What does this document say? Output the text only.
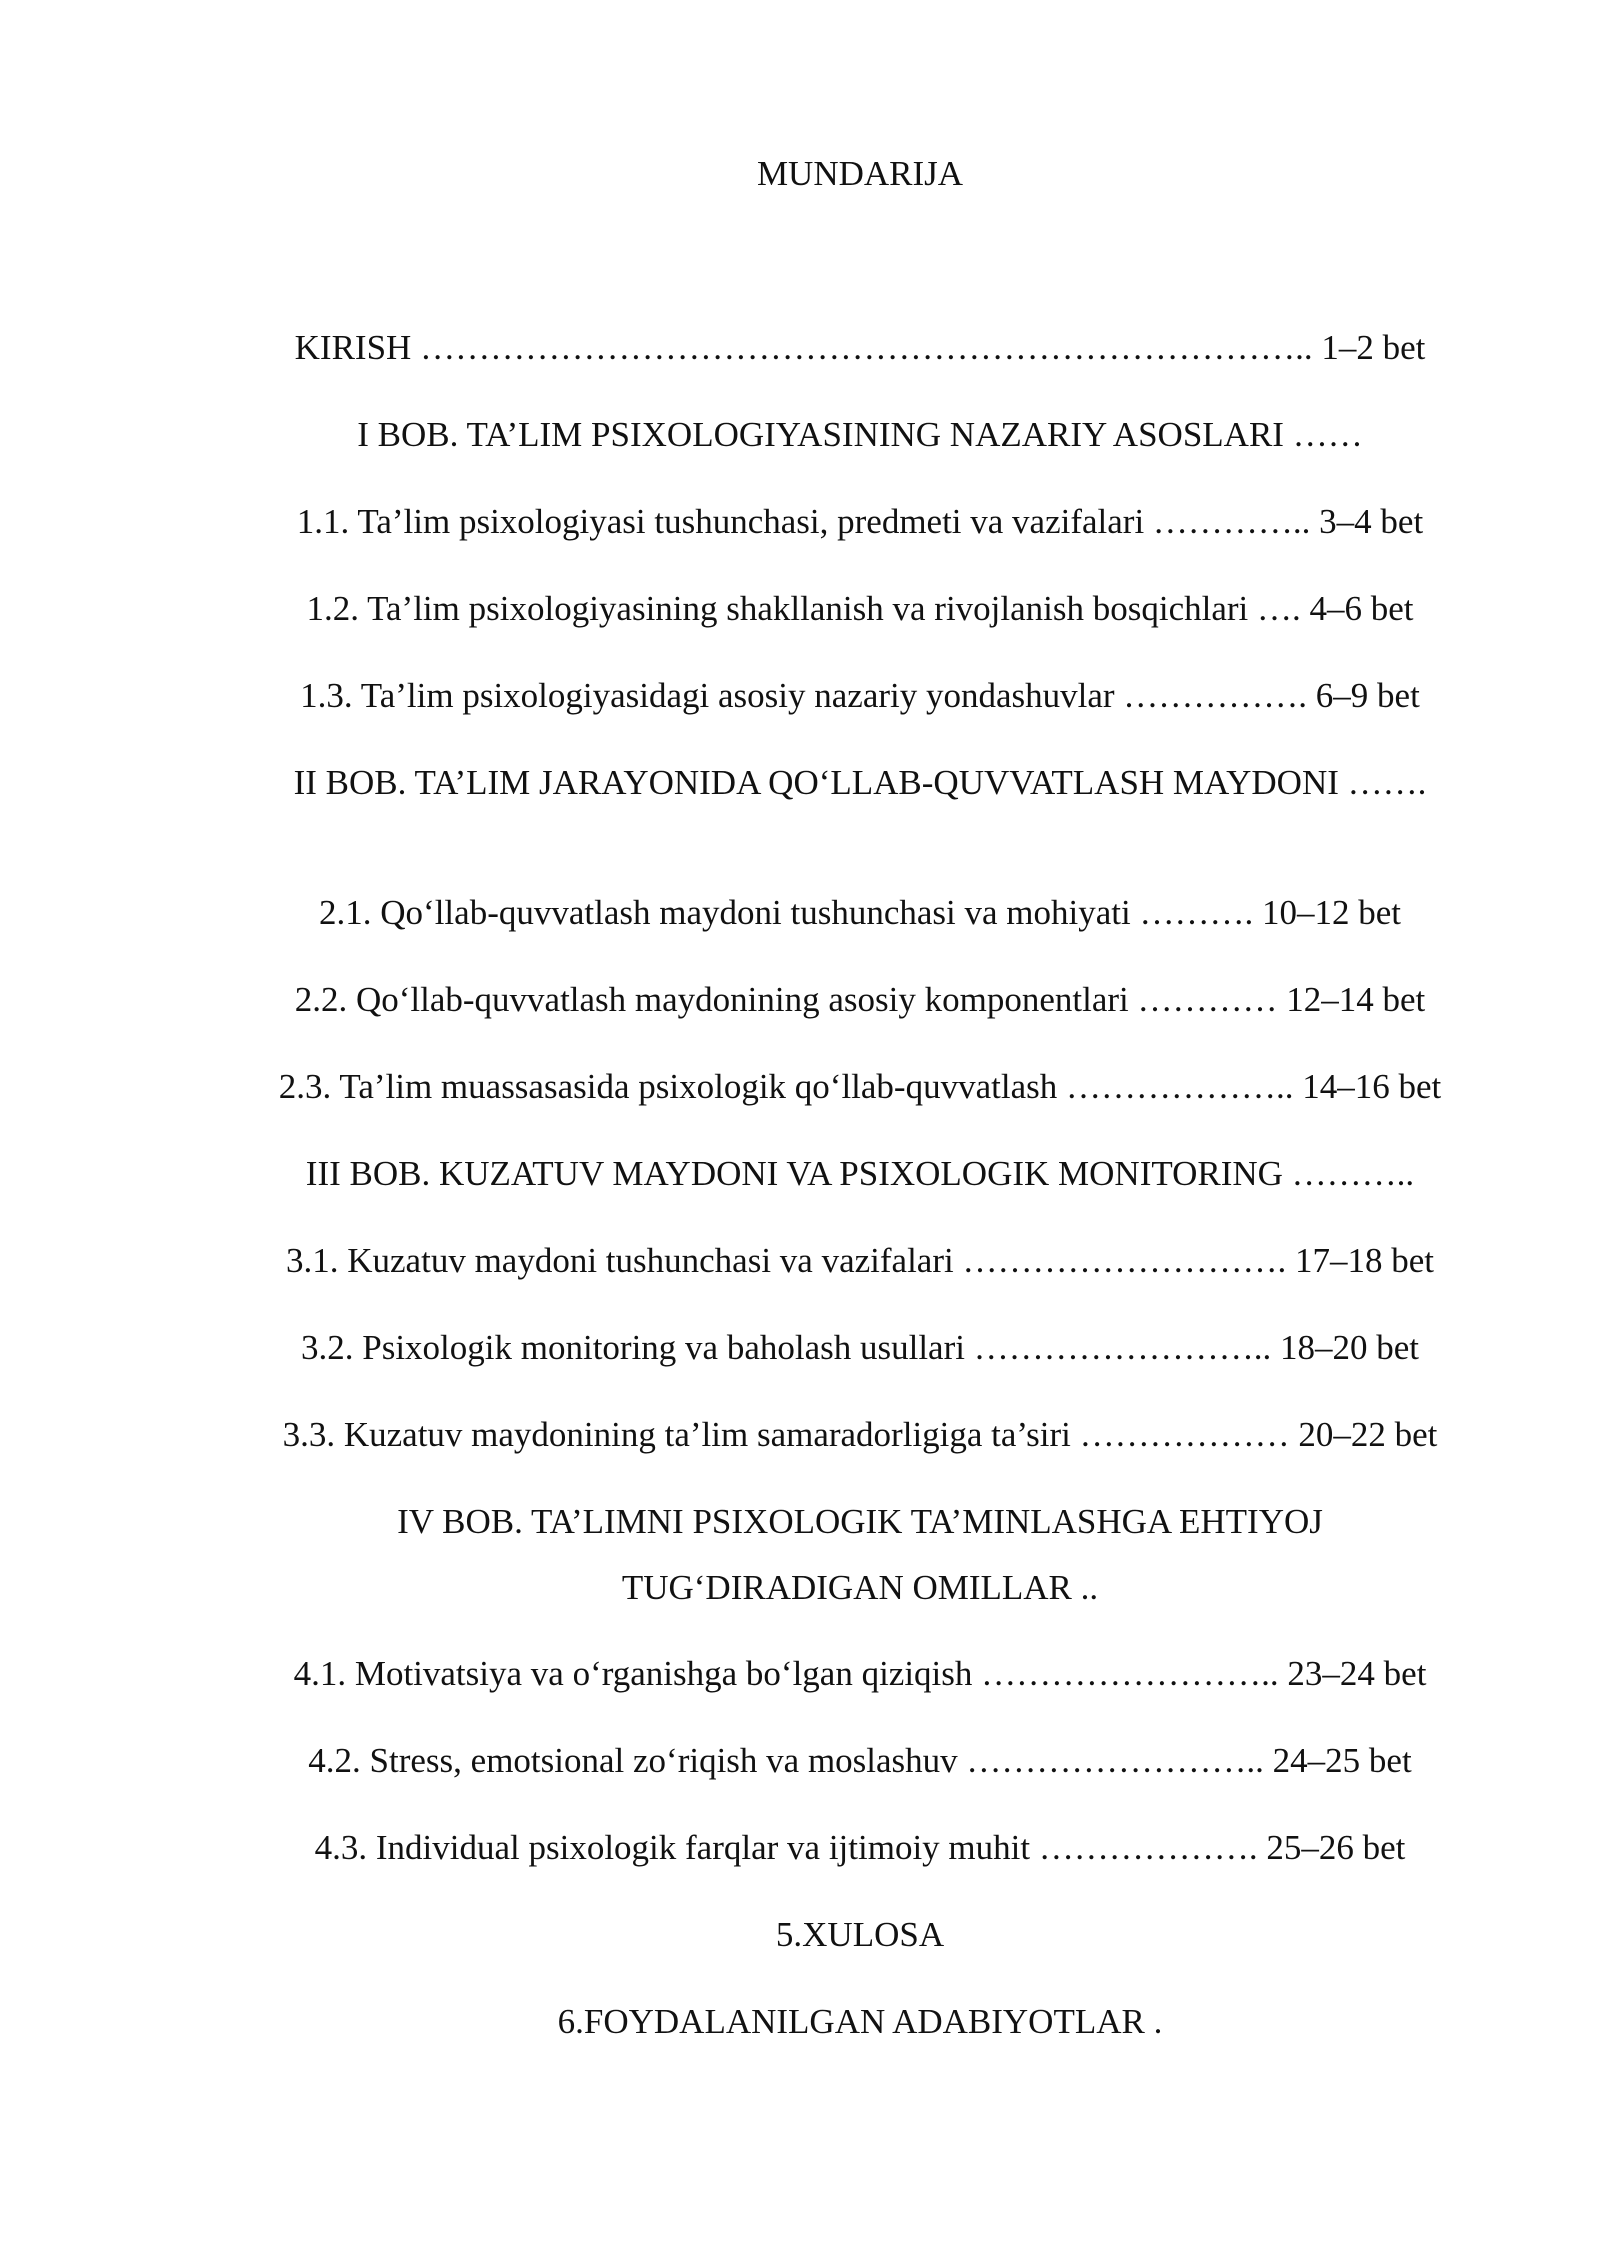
MUNDARIJA
KIRISH ………………………………………………………………….. 1–2 bet
I BOB. TA’LIM PSIXOLOGIYASINING NAZARIY ASOSLARI ……
1.1. Ta’lim psixologiyasi tushunchasi, predmeti va vazifalari ………….. 3–4 bet
1.2. Ta’lim psixologiyasining shakllanish va rivojlanish bosqichlari …. 4–6 bet
1.3. Ta’lim psixologiyasidagi asosiy nazariy yondashuvlar ……………. 6–9 bet
II BOB. TA’LIM JARAYONIDA QO‘LLAB-QUVVATLASH MAYDONI …….
2.1. Qo‘llab-quvvatlash maydoni tushunchasi va mohiyati ………. 10–12 bet
2.2. Qo‘llab-quvvatlash maydonining asosiy komponentlari ………… 12–14 bet
2.3. Ta’lim muassasasida psixologik qo‘llab-quvvatlash ……………….. 14–16 bet
III BOB. KUZATUV MAYDONI VA PSIXOLOGIK MONITORING ………..
3.1. Kuzatuv maydoni tushunchasi va vazifalari ………………………. 17–18 bet
3.2. Psixologik monitoring va baholash usullari …………………….. 18–20 bet
3.3. Kuzatuv maydonining ta’lim samaradorligiga ta’siri ……………… 20–22 bet
IV BOB. TA’LIMNI PSIXOLOGIK TA’MINLASHGA EHTIYOJ
TUG‘DIRADIGAN OMILLAR ..
4.1. Motivatsiya va o‘rganishga bo‘lgan qiziqish …………………….. 23–24 bet
4.2. Stress, emotsional zo‘riqish va moslashuv …………………….. 24–25 bet
4.3. Individual psixologik farqlar va ijtimoiy muhit ………………. 25–26 bet
5.XULOSA
6.FOYDALANILGAN ADABIYOTLAR .
